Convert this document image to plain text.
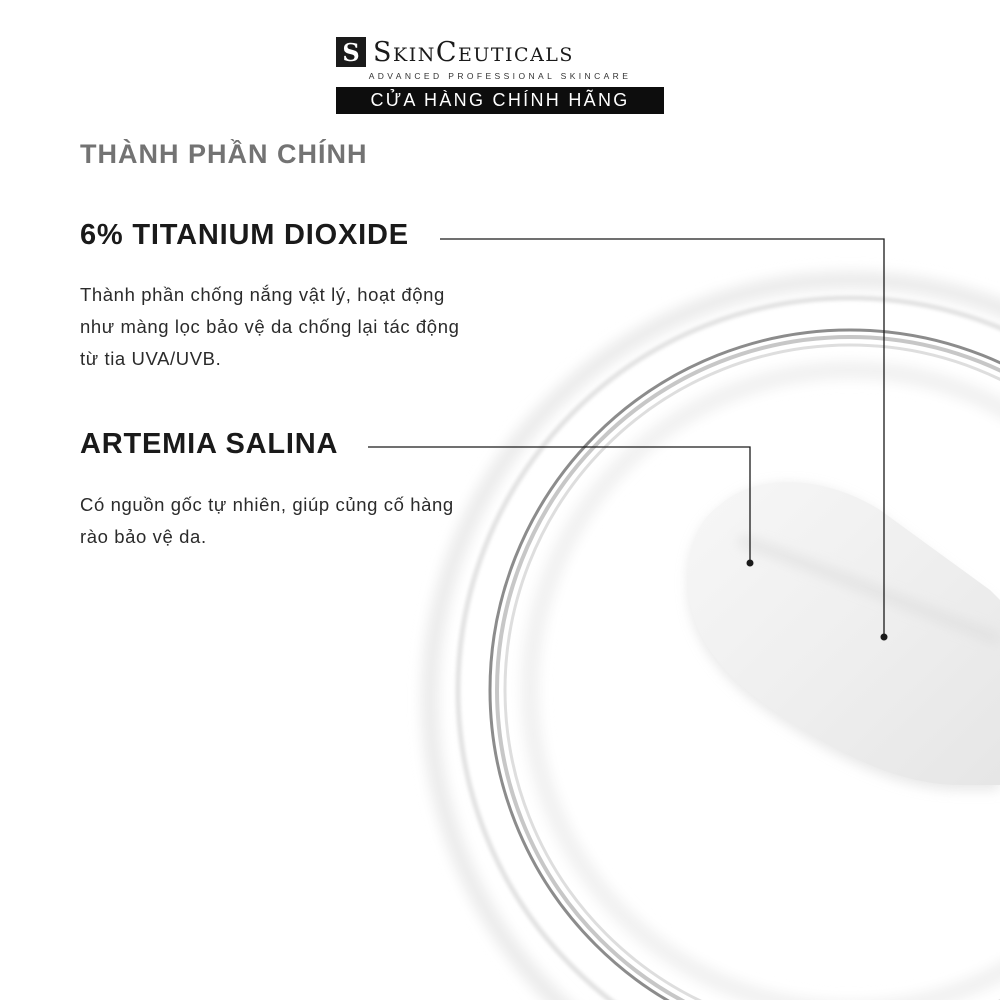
S SkinCeuticals
ADVANCED PROFESSIONAL SKINCARE
CỬA HÀNG CHÍNH HÃNG
THÀNH PHẦN CHÍNH
6% TITANIUM DIOXIDE
Thành phần chống nắng vật lý, hoạt động như màng lọc bảo vệ da chống lại tác động từ tia UVA/UVB.
ARTEMIA SALINA
Có nguồn gốc tự nhiên, giúp củng cố hàng rào bảo vệ da.
